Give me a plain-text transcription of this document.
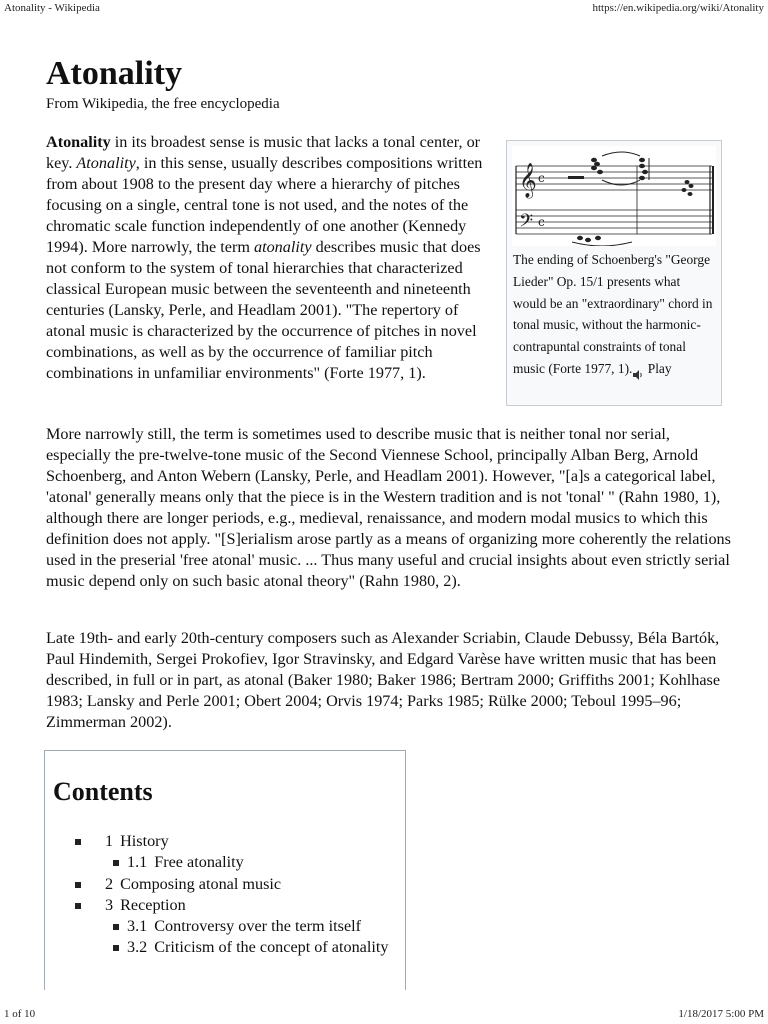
Atonality - Wikipedia	https://en.wikipedia.org/wiki/Atonality
Atonality
From Wikipedia, the free encyclopedia

Atonality in its broadest sense is music that lacks a tonal center, or key. Atonality, in this sense, usually describes compositions written from about 1908 to the present day where a hierarchy of pitches focusing on a single, central tone is not used, and the notes of the chromatic scale function independently of one another (Kennedy 1994). More narrowly, the term atonality describes music that does not conform to the system of tonal hierarchies that characterized classical European music between the seventeenth and nineteenth centuries (Lansky, Perle, and Headlam 2001). "The repertory of atonal music is characterized by the occurrence of pitches in novel combinations, as well as by the occurrence of familiar pitch combinations in unfamiliar environments" (Forte 1977, 1).

𝄞
𝄢
c
c
The ending of Schoenberg's "George Lieder" Op. 15/1 presents what would be an "extraordinary" chord in tonal music, without the harmonic-contrapuntal constraints of tonal music (Forte 1977, 1). Play

More narrowly still, the term is sometimes used to describe music that is neither tonal nor serial, especially the pre-twelve-tone music of the Second Viennese School, principally Alban Berg, Arnold Schoenberg, and Anton Webern (Lansky, Perle, and Headlam 2001). However, "[a]s a categorical label, 'atonal' generally means only that the piece is in the Western tradition and is not 'tonal' " (Rahn 1980, 1), although there are longer periods, e.g., medieval, renaissance, and modern modal musics to which this definition does not apply. "[S]erialism arose partly as a means of organizing more coherently the relations used in the preserial 'free atonal' music. ... Thus many useful and crucial insights about even strictly serial music depend only on such basic atonal theory" (Rahn 1980, 2).

Late 19th- and early 20th-century composers such as Alexander Scriabin, Claude Debussy, Béla Bartók, Paul Hindemith, Sergei Prokofiev, Igor Stravinsky, and Edgard Varèse have written music that has been described, in full or in part, as atonal (Baker 1980; Baker 1986; Bertram 2000; Griffiths 2001; Kohlhase 1983; Lansky and Perle 2001; Obert 2004; Orvis 1974; Parks 1985; Rülke 2000; Teboul 1995–96; Zimmerman 2002).

Contents
1 History
1.1 Free atonality
2 Composing atonal music
3 Reception
3.1 Controversy over the term itself
3.2 Criticism of the concept of atonality
1 of 10	1/18/2017 5:00 PM
